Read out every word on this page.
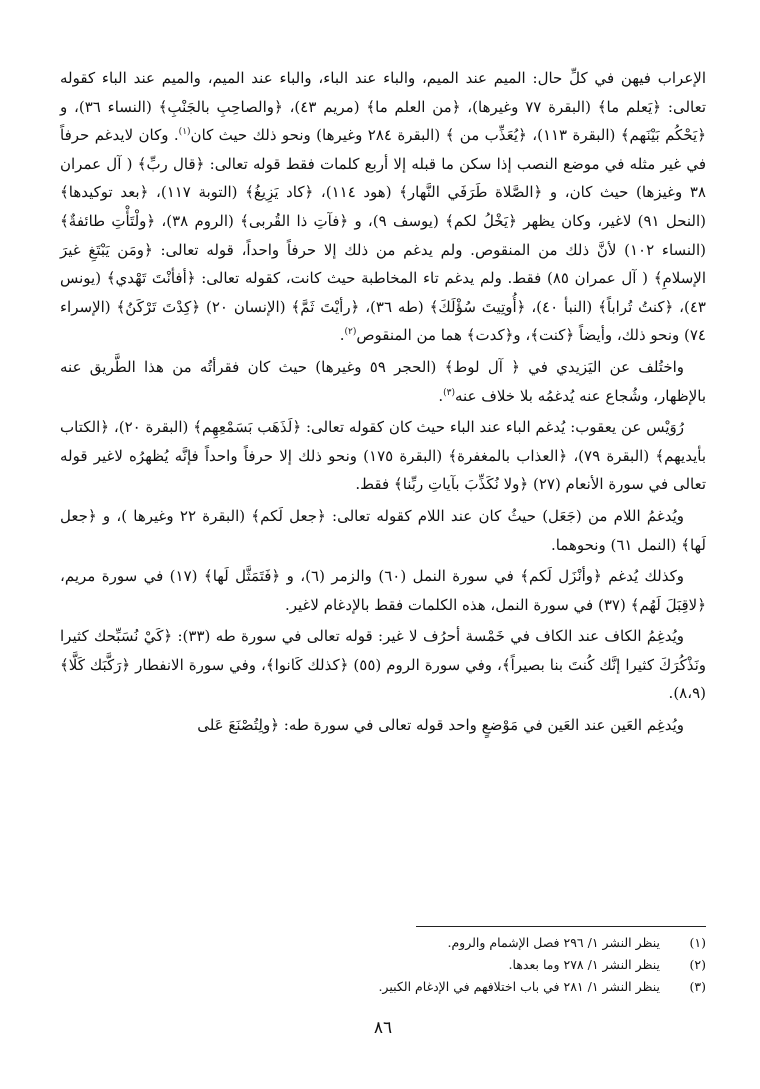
الإعراب فيهن في كلِّ حال: الميم عند الميم، والباء عند الباء، والباء عند الميم، والميم عند الباء كقوله تعالى: ﴿يَعلم ما﴾ (البقرة ٧٧ وغيرها)، ﴿من العلم ما﴾ (مريم ٤٣)، ﴿والصاحِبِ بالجَنْبِ﴾ (النساء ٣٦)، و ﴿يَحْكُم بَيْنَهم﴾ (البقرة ١١٣)، ﴿يُعَذِّب من ﴾ (البقرة ٢٨٤ وغيرها) ونحو ذلك حيث كان$^{(١)}$. وكان لايدغم حرفاً في غير مثله في موضع النصب إذا سكن ما قبله إلا أربع كلمات فقط قوله تعالى: ﴿قال ربِّ﴾ ( آل عمران ٣٨ وغيزها) حيث كان، و ﴿الصَّلاة طَرَفَي النَّهار﴾ (هود ١١٤)، ﴿كاد يَزِيغُ﴾ (التوبة ١١٧)، ﴿بعد توكيدها﴾ (النحل ٩١) لاغير، وكان يظهر ﴿يَخْلُ لكم﴾ (يوسف ٩)، و ﴿فآتِ ذا القُربى﴾ (الروم ٣٨)، ﴿ولْتَأْتِ طائفةٌ﴾ (النساء ١٠٢) لأنَّ ذلك من المنقوص. ولم يدغم من ذلك إلا حرفاً واحداً، قوله تعالى: ﴿ومَن يَبْتَغِ غيرَ الإسلامِ﴾ ( آل عمران ٨٥) فقط. ولم يدغم تاء المخاطبة حيث كانت، كقوله تعالى: ﴿أفأنْتَ تَهْدي﴾ (يونس ٤٣)، ﴿كنتُ تُراباً﴾ (النبأ ٤٠)، ﴿أُوتِيتَ سُؤْلَكَ﴾ (طه ٣٦)، ﴿رأيْتَ ثَمَّ﴾ (الإنسان ٢٠) ﴿كِدْتَ تَرْكَنُ﴾ (الإسراء ٧٤) ونحو ذلك، وأيضاً ﴿كنت﴾، و﴿كدت﴾ هما من المنقوص$^{(٢)}$.

واختُلف عن اليَزيدي في ﴿ آل لوط﴾ (الحجر ٥٩ وغيرها) حيث كان فقرأتُه من هذا الطَّريق عنه بالإظهار، وشُجاع عنه يُدغمُه بلا خلاف عنه$^{(٣)}$.

رُوَيْس عن يعقوب: يُدغم الباء عند الباء حيث كان كقوله تعالى: ﴿لَذَهَب بَسَمْعِهِم﴾ (البقرة ٢٠)، ﴿الكتاب بأيديهم﴾ (البقرة ٧٩)، ﴿العذاب بالمغفرة﴾ (البقرة ١٧٥) ونحو ذلك إلا حرفاً واحداً فإنَّه يُظهرُه لاغير قوله تعالى في سورة الأنعام (٢٧) ﴿ولا نُكَذِّبَ بآياتِ ربِّنا﴾ فقط.

ويُدغمُ اللام من (جَعَل) حيثُ كان عند اللام كقوله تعالى: ﴿جعل لَكم﴾ (البقرة ٢٢ وغيرها )، و ﴿جعل لَها﴾ (النمل ٦١) ونحوهما.

وكذلك يُدغم ﴿وأنْزَل لَكم﴾ في سورة النمل (٦٠) والزمر (٦)، و ﴿فَتَمَثَّل لَها﴾ (١٧) في سورة مريم، ﴿لاقِبَلَ لَهُم﴾ (٣٧) في سورة النمل، هذه الكلمات فقط بالإدغام لاغير.

ويُدغِمُ الكاف عند الكاف في خَمْسة أحرُف لا غير: قوله تعالى في سورة طه (٣٣): ﴿كَيْ نُسَبِّحك كثيرا ونَذْكُرَكَ كثيرا إنَّك كُنتَ بنا بصيراً﴾، وفي سورة الروم (٥٥) ﴿كذلك كَانوا﴾، وفي سورة الانفطار ﴿رَكَّبَك كَلَّا﴾ (٨،٩).

ويُدغِم العَين عند العَين في مَوْضعٍ واحد قوله تعالى في سورة طه: ﴿ولِتُصْنَعَ عَلى

(١)ينظر النشر ١/ ٢٩٦ فصل الإشمام والروم.
(٢)ينظر النشر ١/ ٢٧٨ وما بعدها.
(٣)ينظر النشر ١/ ٢٨١ في باب اختلافهم في الإدغام الكبير.
٨٦
